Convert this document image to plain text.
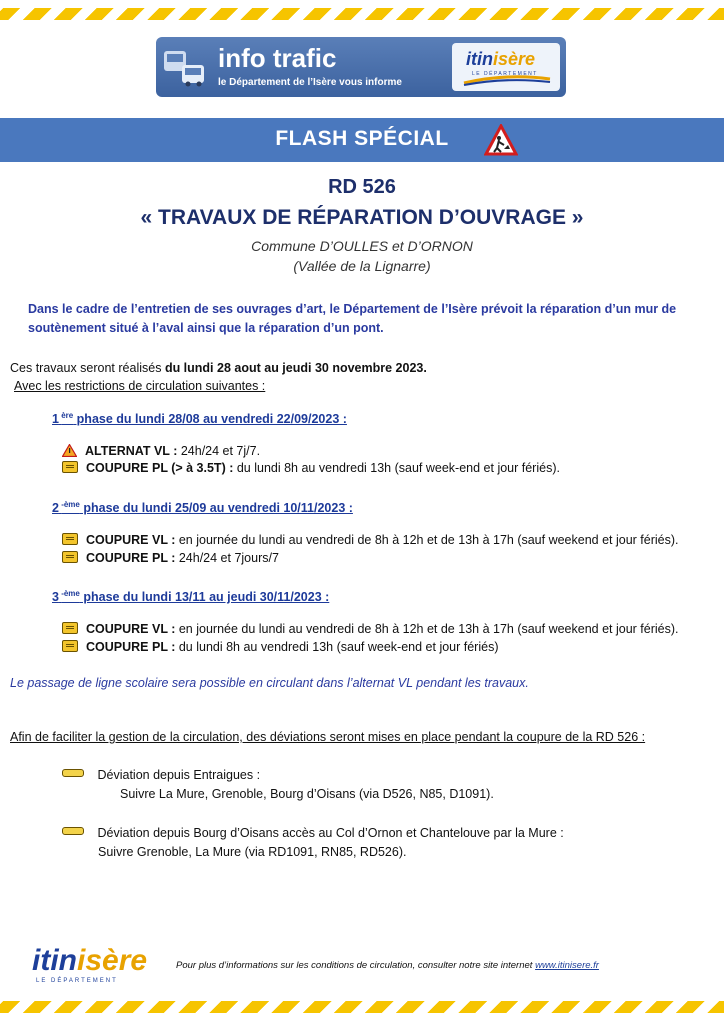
info trafic
le Département de l’Isère vous informe
itinisère
LE DÉPARTEMENT
FLASH SPÉCIAL
RD 526
« TRAVAUX DE RÉPARATION D’OUVRAGE »
Commune D’OULLES et D’ORNON
(Vallée de la Lignarre)
Dans le cadre de l’entretien de ses ouvrages d’art, le Département de l’Isère prévoit la réparation d’un mur de soutènement situé à l’aval ainsi que la réparation d’un pont.
Ces travaux seront réalisés du lundi 28 aout au jeudi 30 novembre 2023.
Avec les restrictions de circulation suivantes :
1 $^{ère}$ phase du lundi 28/08 au vendredi 22/09/2023 :
ALTERNAT VL : 24h/24 et 7j/7.
COUPURE PL (> à 3.5T) : du lundi 8h au vendredi 13h (sauf week-end et jour fériés).
2 $^{-ème}$ phase du lundi 25/09 au vendredi 10/11/2023 :
COUPURE VL : en journée du lundi au vendredi de 8h à 12h et de 13h à 17h (sauf weekend et jour fériés).
COUPURE PL : 24h/24 et 7jours/7
3 $^{-ème}$ phase du lundi 13/11 au jeudi 30/11/2023 :
COUPURE VL : en journée du lundi au vendredi de 8h à 12h et de 13h à 17h (sauf weekend et jour fériés).
COUPURE PL : du lundi 8h au vendredi 13h (sauf week-end et jour fériés)
Le passage de ligne scolaire sera possible en circulant dans l’alternat VL pendant les travaux.
Afin de faciliter la gestion de la circulation, des déviations seront mises en place pendant la coupure de la RD 526 :
Déviation depuis Entraigues :
Suivre La Mure, Grenoble, Bourg d’Oisans (via D526, N85, D1091).
Déviation depuis Bourg d’Oisans accès au Col d’Ornon et Chantelouve par la Mure :
Suivre Grenoble, La Mure (via RD1091, RN85, RD526).
itinisère
LE DÉPARTEMENT
Pour plus d’informations sur les conditions de circulation, consulter notre site internet www.itinisere.fr
